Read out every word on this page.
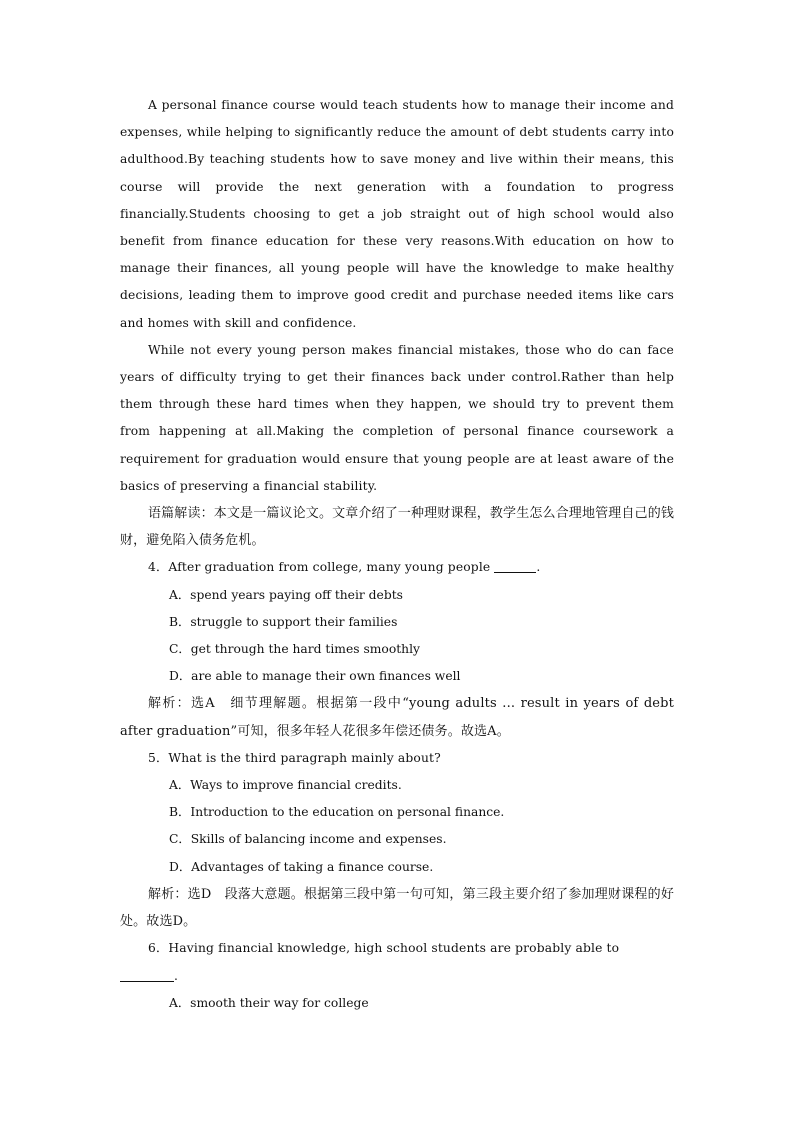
A personal finance course would teach students how to manage their income and expenses, while helping to significantly reduce the amount of debt students carry into adulthood.By teaching students how to save money and live within their means, this course will provide the next generation with a foundation to progress financially.Students choosing to get a job straight out of high school would also benefit from finance education for these very reasons.With education on how to manage their finances, all young people will have the knowledge to make healthy decisions, leading them to improve good credit and purchase needed items like cars and homes with skill and confidence.

While not every young person makes financial mistakes, those who do can face years of difficulty trying to get their finances back under control.Rather than help them through these hard times when they happen, we should try to prevent them from happening at all.Making the completion of personal finance coursework a requirement for graduation would ensure that young people are at least aware of the basics of preserving a financial stability.

语篇解读：本文是一篇议论文。文章介绍了一种理财课程，教学生怎么合理地管理自己的钱财，避免陷入债务危机。

4．After graduation from college, many young people	.

A．spend years paying off their debts

B．struggle to support their families

C．get through the hard times smoothly

D．are able to manage their own finances well

解析：选A　细节理解题。根据第一段中“young adults ... result in years of debt after graduation”可知，很多年轻人花很多年偿还债务。故选A。

5．What is the third paragraph mainly about?

A．Ways to improve financial credits.

B．Introduction to the education on personal finance.

C．Skills of balancing income and expenses.

D．Advantages of taking a finance course.

解析：选D　段落大意题。根据第三段中第一句可知，第三段主要介绍了参加理财课程的好处。故选D。

6．Having financial knowledge, high school students are probably able to
.

A．smooth their way for college
